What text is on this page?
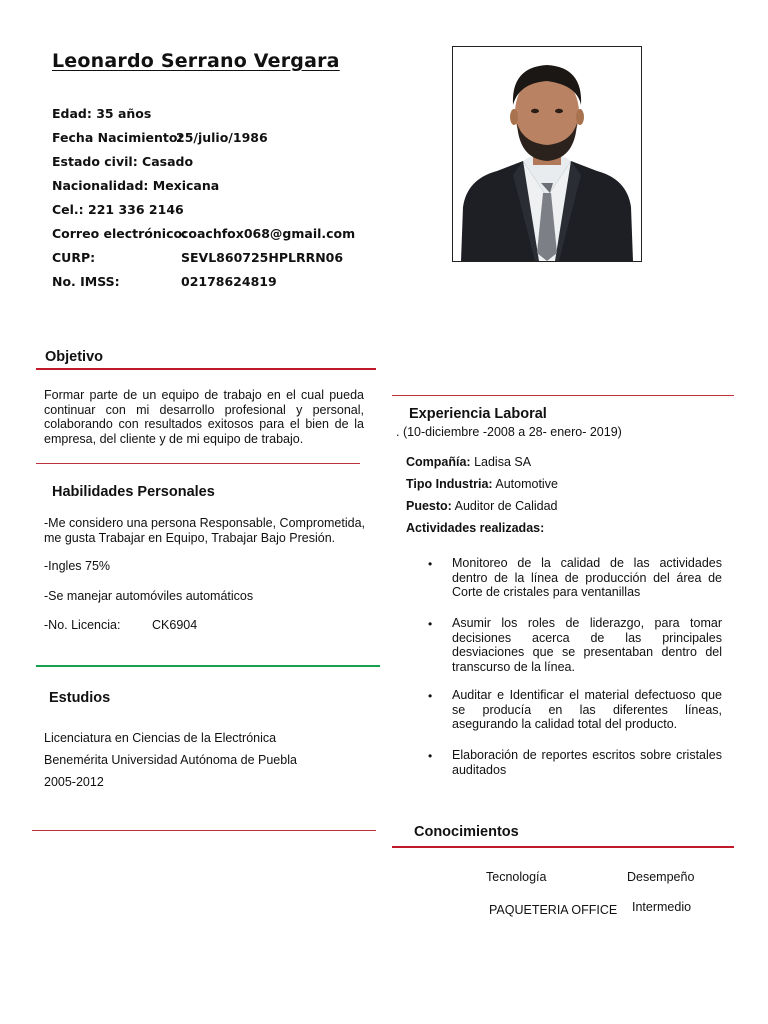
Leonardo Serrano Vergara
Edad: 35 años
Fecha Nacimiento:
25/julio/1986
Estado civil: Casado
Nacionalidad: Mexicana
Cel.: 221 336 2146
Correo electrónico:
coachfox068@gmail.com
CURP:	SEVL860725HPLRRN06
No. IMSS:	02178624819
Objetivo
Formar parte de un equipo de trabajo en el cual pueda continuar con mi desarrollo profesional y personal, colaborando con resultados exitosos para el bien de la empresa, del cliente y de mi equipo de trabajo.
Habilidades Personales
-Me considero una persona Responsable, Comprometida, me gusta Trabajar en Equipo, Trabajar Bajo Presión.
-Ingles 75%
-Se manejar automóviles automáticos
-No. Licencia:	CK6904
Estudios
Licenciatura en Ciencias de la Electrónica
Benemérita Universidad Autónoma de Puebla
2005-2012
Experiencia Laboral
. (10-diciembre -2008 a 28- enero- 2019)
Compañía: Ladisa SA
Tipo Industria: Automotive
Puesto: Auditor de Calidad
Actividades realizadas:
• Monitoreo de la calidad de las actividades dentro de la línea de producción del área de Corte de cristales para ventanillas
• Asumir los roles de liderazgo, para tomar decisiones acerca de las principales desviaciones que se presentaban dentro del transcurso de la línea.
• Auditar e Identificar el material defectuoso que se producía en las diferentes líneas, asegurando la calidad total del producto.
• Elaboración de reportes escritos sobre cristales auditados
Conocimientos
Tecnología	Desempeño
PAQUETERIA OFFICE Intermedio
